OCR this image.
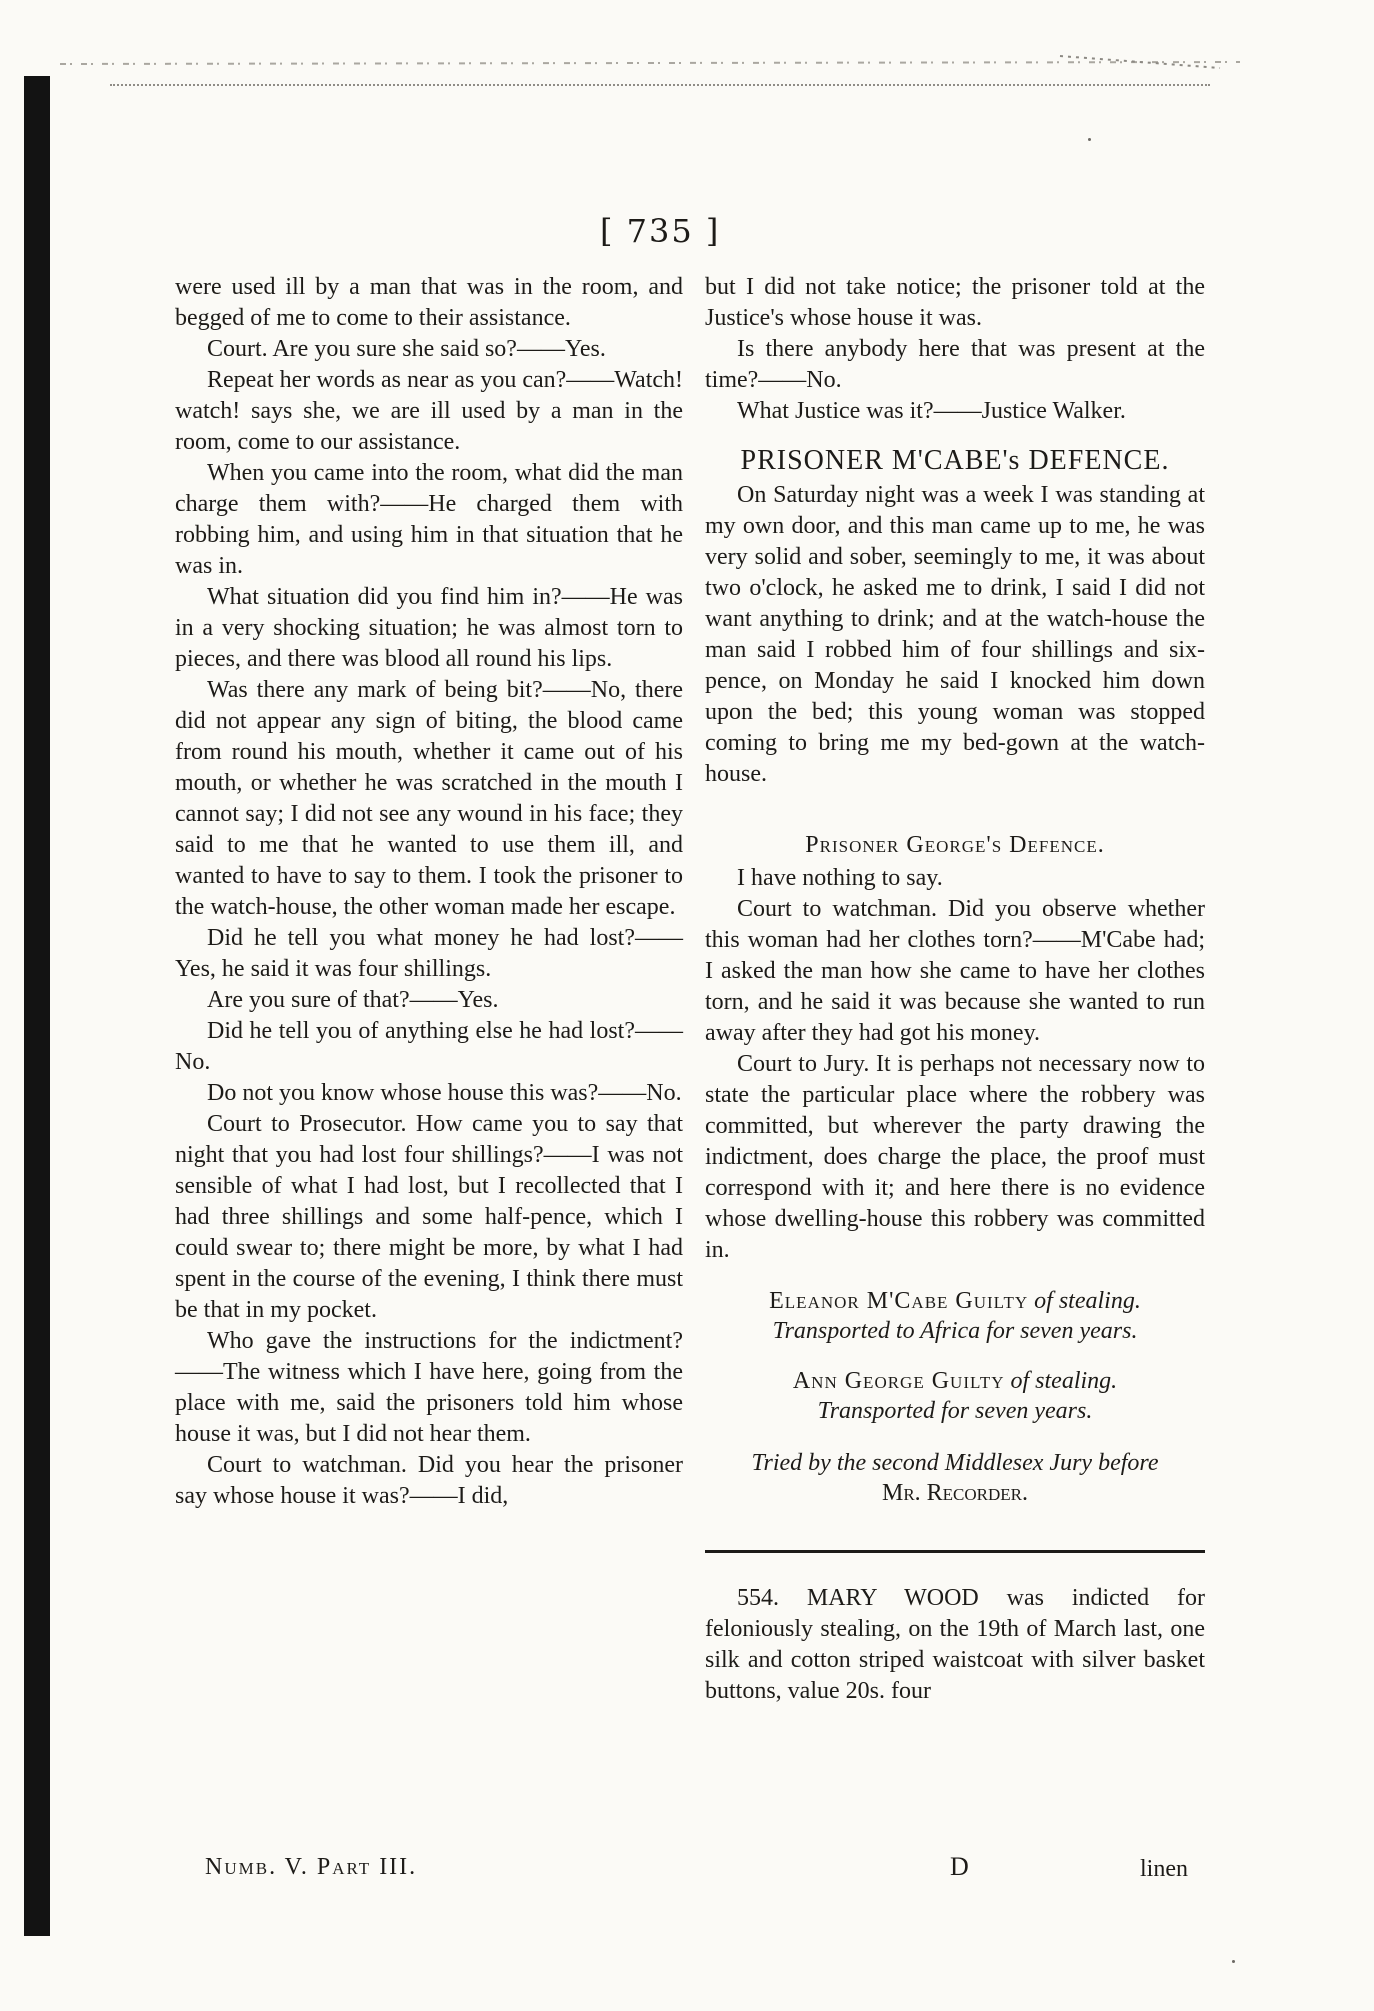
[ 735 ]

were used ill by a man that was in the room, and begged of me to come to their assistance.

Court. Are you sure she said so?——Yes.

Repeat her words as near as you can?——Watch! watch! says she, we are ill used by a man in the room, come to our assistance.

When you came into the room, what did the man charge them with?——He charged them with robbing him, and using him in that situation that he was in.

What situation did you find him in?——He was in a very shocking situation; he was almost torn to pieces, and there was blood all round his lips.

Was there any mark of being bit?——No, there did not appear any sign of biting, the blood came from round his mouth, whether it came out of his mouth, or whether he was scratched in the mouth I cannot say; I did not see any wound in his face; they said to me that he wanted to use them ill, and wanted to have to say to them. I took the prisoner to the watch-house, the other woman made her escape.

Did he tell you what money he had lost?——Yes, he said it was four shillings.

Are you sure of that?——Yes.

Did he tell you of anything else he had lost?——No.

Do not you know whose house this was?——No.

Court to Prosecutor. How came you to say that night that you had lost four shillings?——I was not sensible of what I had lost, but I recollected that I had three shillings and some half-pence, which I could swear to; there might be more, by what I had spent in the course of the evening, I think there must be that in my pocket.

Who gave the instructions for the indictment?——The witness which I have here, going from the place with me, said the prisoners told him whose house it was, but I did not hear them.

Court to watchman. Did you hear the prisoner say whose house it was?——I did,

but I did not take notice; the prisoner told at the Justice's whose house it was.

Is there anybody here that was present at the time?——No.

What Justice was it?——Justice Walker.

PRISONER M'CABE's DEFENCE.

On Saturday night was a week I was standing at my own door, and this man came up to me, he was very solid and sober, seemingly to me, it was about two o'clock, he asked me to drink, I said I did not want anything to drink; and at the watch-house the man said I robbed him of four shillings and six-pence, on Monday he said I knocked him down upon the bed; this young woman was stopped coming to bring me my bed-gown at the watch-house.

Prisoner George's Defence.

I have nothing to say.

Court to watchman. Did you observe whether this woman had her clothes torn?——M'Cabe had; I asked the man how she came to have her clothes torn, and he said it was because she wanted to run away after they had got his money.

Court to Jury. It is perhaps not necessary now to state the particular place where the robbery was committed, but wherever the party drawing the indictment, does charge the place, the proof must correspond with it; and here there is no evidence whose dwelling-house this robbery was committed in.

Eleanor M'Cabe Guilty of stealing.
Transported to Africa for seven years.

Ann George Guilty of stealing.
Transported for seven years.

Tried by the second Middlesex Jury before
Mr. Recorder.

554. MARY WOOD was indicted for feloniously stealing, on the 19th of March last, one silk and cotton striped waistcoat with silver basket buttons, value 20s. four

Numb. V. Part III.	D	linen
